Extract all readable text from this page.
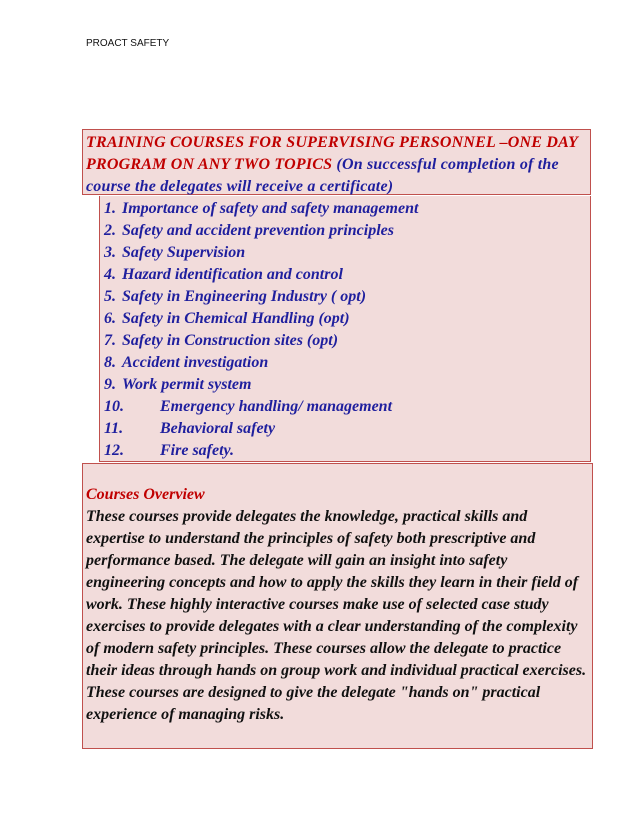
PROACT SAFETY

TRAINING COURSES FOR SUPERVISING PERSONNEL –ONE DAY PROGRAM ON ANY TWO TOPICS (On successful completion of the course the delegates will receive a certificate)

1. Importance of safety and safety management
2. Safety and accident prevention principles
3. Safety Supervision
4. Hazard identification and control
5. Safety in Engineering Industry ( opt)
6. Safety in Chemical Handling (opt)
7. Safety in Construction sites (opt)
8. Accident investigation
9. Work permit system
10.	Emergency handling/ management
11.	Behavioral safety
12.	Fire safety.

Courses Overview

These courses provide delegates the knowledge, practical skills and expertise to understand the principles of safety both prescriptive and performance based. The delegate will gain an insight into safety engineering concepts and how to apply the skills they learn in their field of work. These highly interactive courses make use of selected case study exercises to provide delegates with a clear understanding of the complexity of modern safety principles. These courses allow the delegate to practice their ideas through hands on group work and individual practical exercises. These courses are designed to give the delegate "hands on" practical experience of managing risks.
